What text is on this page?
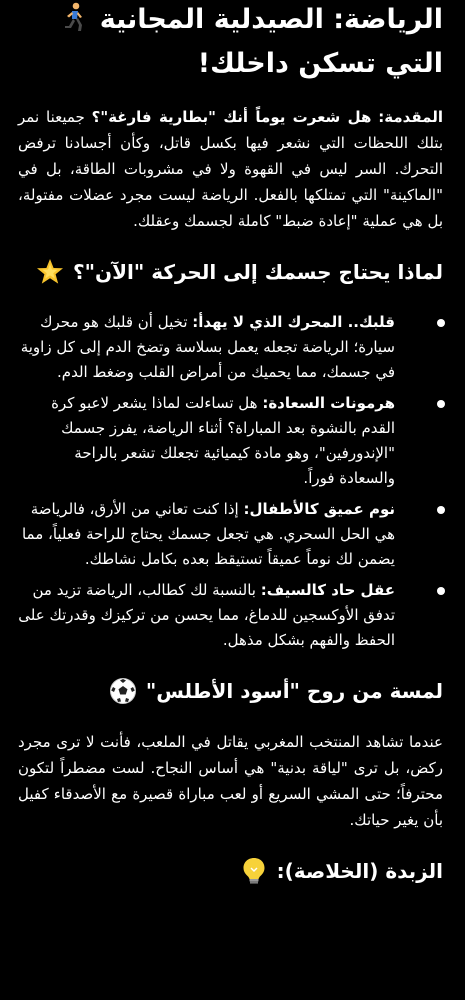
الرياضة: الصيدلية المجانية
التي تسكن داخلك!

المقدمة: هل شعرت يوماً أنك "بطارية فارغة"؟ جميعنا نمر بتلك اللحظات التي نشعر فيها بكسل قاتل، وكأن أجسادنا ترفض التحرك. السر ليس في القهوة ولا في مشروبات الطاقة، بل في "الماكينة" التي تمتلكها بالفعل. الرياضة ليست مجرد عضلات مفتولة، بل هي عملية "إعادة ضبط" كاملة لجسمك وعقلك.

لماذا يحتاج جسمك إلى الحركة "الآن"؟
قلبك.. المحرك الذي لا يهدأ: تخيل أن قلبك هو محرك سيارة؛ الرياضة تجعله يعمل بسلاسة وتضخ الدم إلى كل زاوية في جسمك، مما يحميك من أمراض القلب وضغط الدم.
هرمونات السعادة: هل تساءلت لماذا يشعر لاعبو كرة القدم بالنشوة بعد المباراة؟ أثناء الرياضة، يفرز جسمك "الإندورفين"، وهو مادة كيميائية تجعلك تشعر بالراحة والسعادة فوراً.
نوم عميق كالأطفال: إذا كنت تعاني من الأرق، فالرياضة هي الحل السحري. هي تجعل جسمك يحتاج للراحة فعلياً، مما يضمن لك نوماً عميقاً تستيقظ بعده بكامل نشاطك.
عقل حاد كالسيف: بالنسبة لك كطالب، الرياضة تزيد من تدفق الأوكسجين للدماغ، مما يحسن من تركيزك وقدرتك على الحفظ والفهم بشكل مذهل.
لمسة من روح "أسود الأطلس"

عندما تشاهد المنتخب المغربي يقاتل في الملعب، فأنت لا ترى مجرد ركض، بل ترى "لياقة بدنية" هي أساس النجاح. لست مضطراً لتكون محترفاً؛ حتى المشي السريع أو لعب مباراة قصيرة مع الأصدقاء كفيل بأن يغير حياتك.

الزبدة (الخلاصة):
